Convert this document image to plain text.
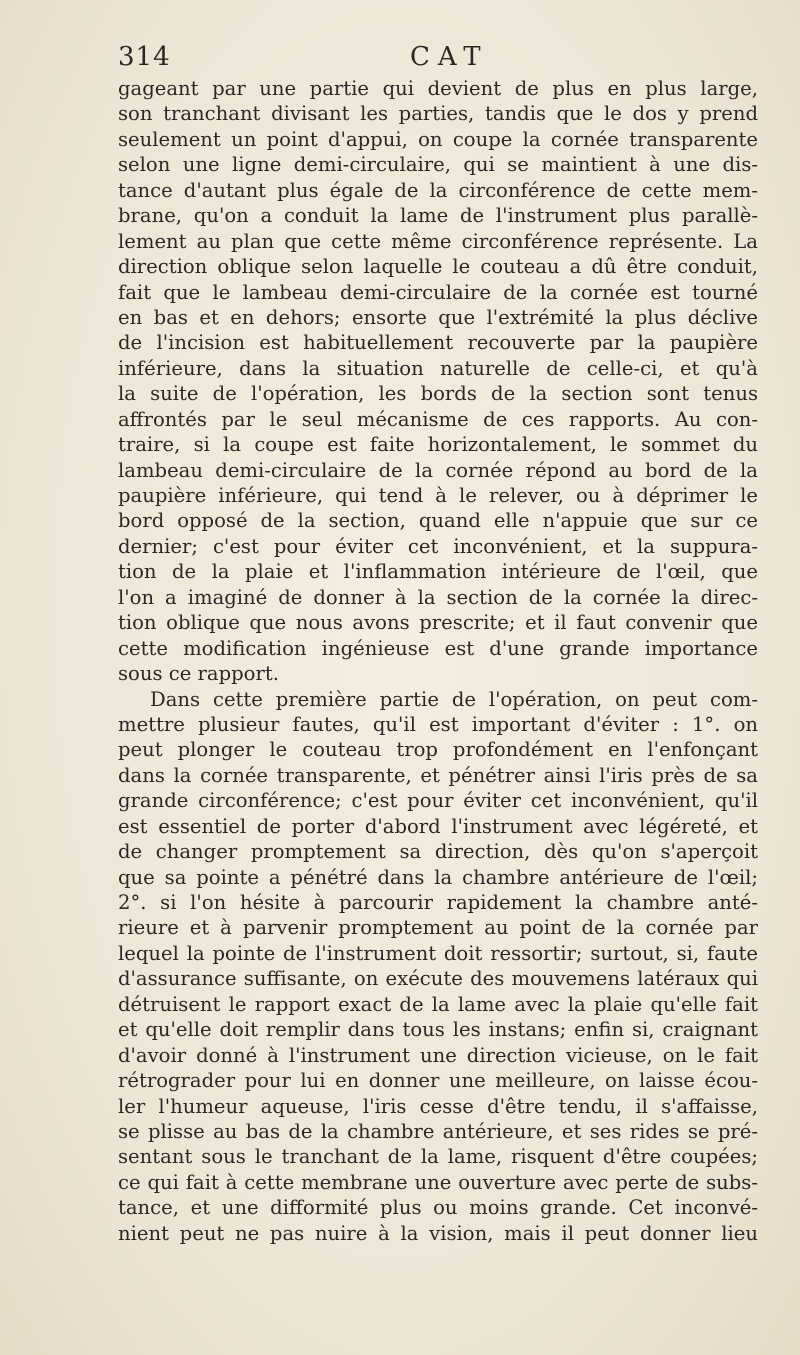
314	CAT
gageant par une partie qui devient de plus en plus large,
son tranchant divisant les parties, tandis que le dos y prend
seulement un point d'appui, on coupe la cornée transparente
selon une ligne demi-circulaire, qui se maintient à une dis-
tance d'autant plus égale de la circonférence de cette mem-
brane, qu'on a conduit la lame de l'instrument plus parallè-
lement au plan que cette même circonférence représente. La
direction oblique selon laquelle le couteau a dû être conduit,
fait que le lambeau demi-circulaire de la cornée est tourné
en bas et en dehors; ensorte que l'extrémité la plus déclive
de l'incision est habituellement recouverte par la paupière
inférieure, dans la situation naturelle de celle-ci, et qu'à
la suite de l'opération, les bords de la section sont tenus
affrontés par le seul mécanisme de ces rapports. Au con-
traire, si la coupe est faite horizontalement, le sommet du
lambeau demi-circulaire de la cornée répond au bord de la
paupière inférieure, qui tend à le relever, ou à déprimer le
bord opposé de la section, quand elle n'appuie que sur ce
dernier; c'est pour éviter cet inconvénient, et la suppura-
tion de la plaie et l'inflammation intérieure de l'œil, que
l'on a imaginé de donner à la section de la cornée la direc-
tion oblique que nous avons prescrite; et il faut convenir que
cette modification ingénieuse est d'une grande importance
sous ce rapport.
Dans cette première partie de l'opération, on peut com-
mettre plusieur fautes, qu'il est important d'éviter : 1°. on
peut plonger le couteau trop profondément en l'enfonçant
dans la cornée transparente, et pénétrer ainsi l'iris près de sa
grande circonférence; c'est pour éviter cet inconvénient, qu'il
est essentiel de porter d'abord l'instrument avec légéreté, et
de changer promptement sa direction, dès qu'on s'aperçoit
que sa pointe a pénétré dans la chambre antérieure de l'œil;
2°. si l'on hésite à parcourir rapidement la chambre anté-
rieure et à parvenir promptement au point de la cornée par
lequel la pointe de l'instrument doit ressortir; surtout, si, faute
d'assurance suffisante, on exécute des mouvemens latéraux qui
détruisent le rapport exact de la lame avec la plaie qu'elle fait
et qu'elle doit remplir dans tous les instans; enfin si, craignant
d'avoir donné à l'instrument une direction vicieuse, on le fait
rétrograder pour lui en donner une meilleure, on laisse écou-
ler l'humeur aqueuse, l'iris cesse d'être tendu, il s'affaisse,
se plisse au bas de la chambre antérieure, et ses rides se pré-
sentant sous le tranchant de la lame, risquent d'être coupées;
ce qui fait à cette membrane une ouverture avec perte de subs-
tance, et une difformité plus ou moins grande. Cet inconvé-
nient peut ne pas nuire à la vision, mais il peut donner lieu
